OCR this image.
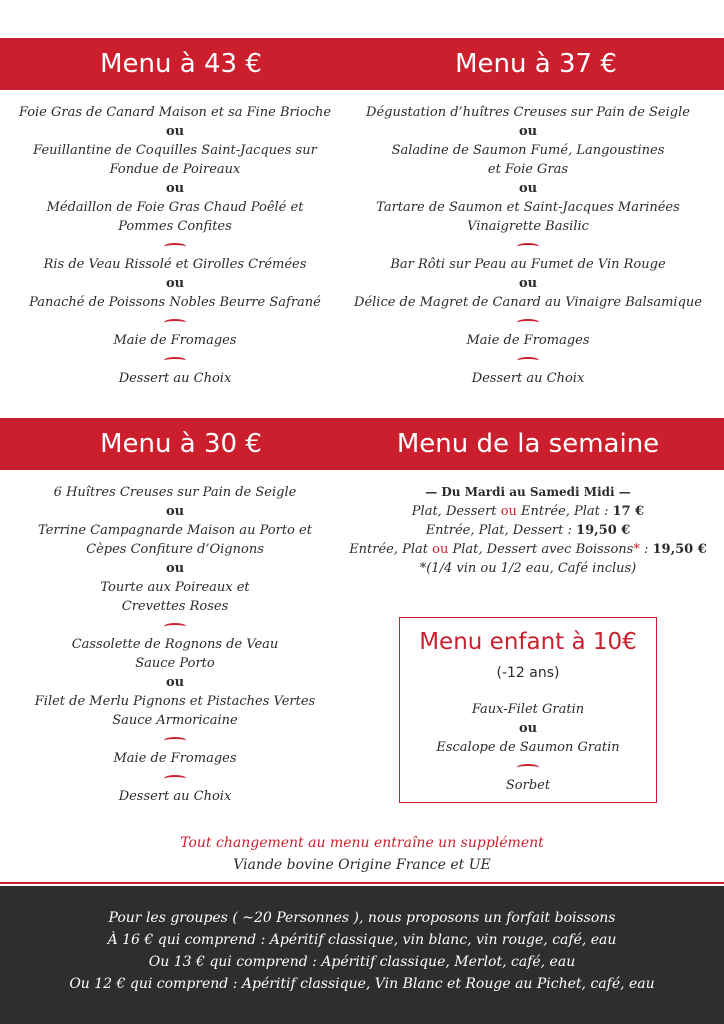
Menu à 43 €	Menu à 37 €
Foie Gras de Canard Maison et sa Fine Brioche
ou
Feuillantine de Coquilles Saint-Jacques sur
Fondue de Poireaux
ou
Médaillon de Foie Gras Chaud Poêlé et
Pommes Confites
Ris de Veau Rissolé et Girolles Crémées
ou
Panaché de Poissons Nobles Beurre Safrané
Maie de Fromages
Dessert au Choix
Dégustation d’huîtres Creuses sur Pain de Seigle
ou
Saladine de Saumon Fumé, Langoustines
et Foie Gras
ou
Tartare de Saumon et Saint-Jacques Marinées
Vinaigrette Basilic
Bar Rôti sur Peau au Fumet de Vin Rouge
ou
Délice de Magret de Canard au Vinaigre Balsamique
Maie de Fromages
Dessert au Choix
Menu à 30 €	Menu de la semaine
6 Huîtres Creuses sur Pain de Seigle
ou
Terrine Campagnarde Maison au Porto et
Cèpes Confiture d’Oignons
ou
Tourte aux Poireaux et
Crevettes Roses
Cassolette de Rognons de Veau
Sauce Porto
ou
Filet de Merlu Pignons et Pistaches Vertes
Sauce Armoricaine
Maie de Fromages
Dessert au Choix
— Du Mardi au Samedi Midi —
Plat, Dessert ou Entrée, Plat : 17 €
Entrée, Plat, Dessert : 19,50 €
Entrée, Plat ou Plat, Dessert avec Boissons* : 19,50 €
*(1/4 vin ou 1/2 eau, Café inclus)
Menu enfant à 10€
(-12 ans)
Faux-Filet Gratin
ou
Escalope de Saumon Gratin
Sorbet
Tout changement au menu entraîne un supplément
Viande bovine Origine France et UE
Pour les groupes ( ~20 Personnes ), nous proposons un forfait boissons
À 16 € qui comprend : Apéritif classique, vin blanc, vin rouge, café, eau
Ou 13 € qui comprend : Apéritif classique, Merlot, café, eau
Ou 12 € qui comprend : Apéritif classique, Vin Blanc et Rouge au Pichet, café, eau
